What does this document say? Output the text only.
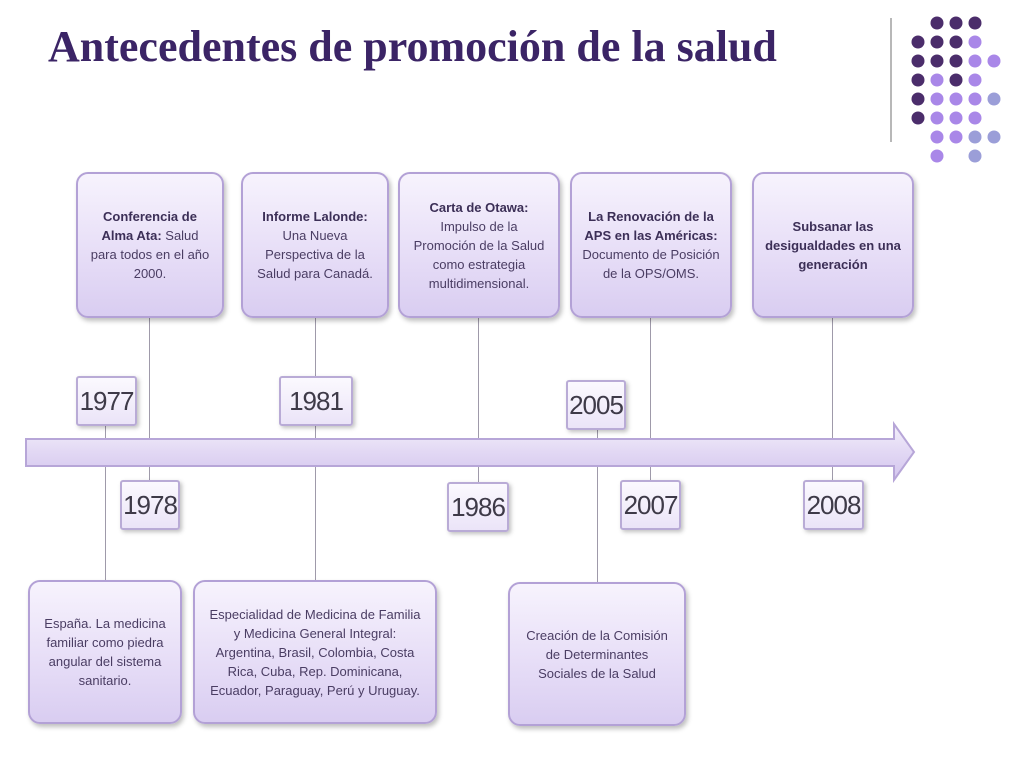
Antecedentes de promoción de la salud
Conferencia de Alma Ata: Salud para todos en el año 2000.
Informe Lalonde: Una Nueva Perspectiva de la Salud para Canadá.
Carta de Otawa: Impulso de la Promoción de la Salud como estrategia multidimensional.
La Renovación de la APS en las Américas: Documento de Posición de la OPS/OMS.
Subsanar las desigualdades en una generación
1977
1978
1981
1986
2005
2007	2008
España. La medicina familiar como piedra angular del sistema sanitario.
Especialidad de Medicina de Familia y Medicina General Integral: Argentina, Brasil, Colombia, Costa Rica, Cuba, Rep. Dominicana, Ecuador, Paraguay, Perú y Uruguay.
Creación de la Comisión de Determinantes Sociales de la Salud
